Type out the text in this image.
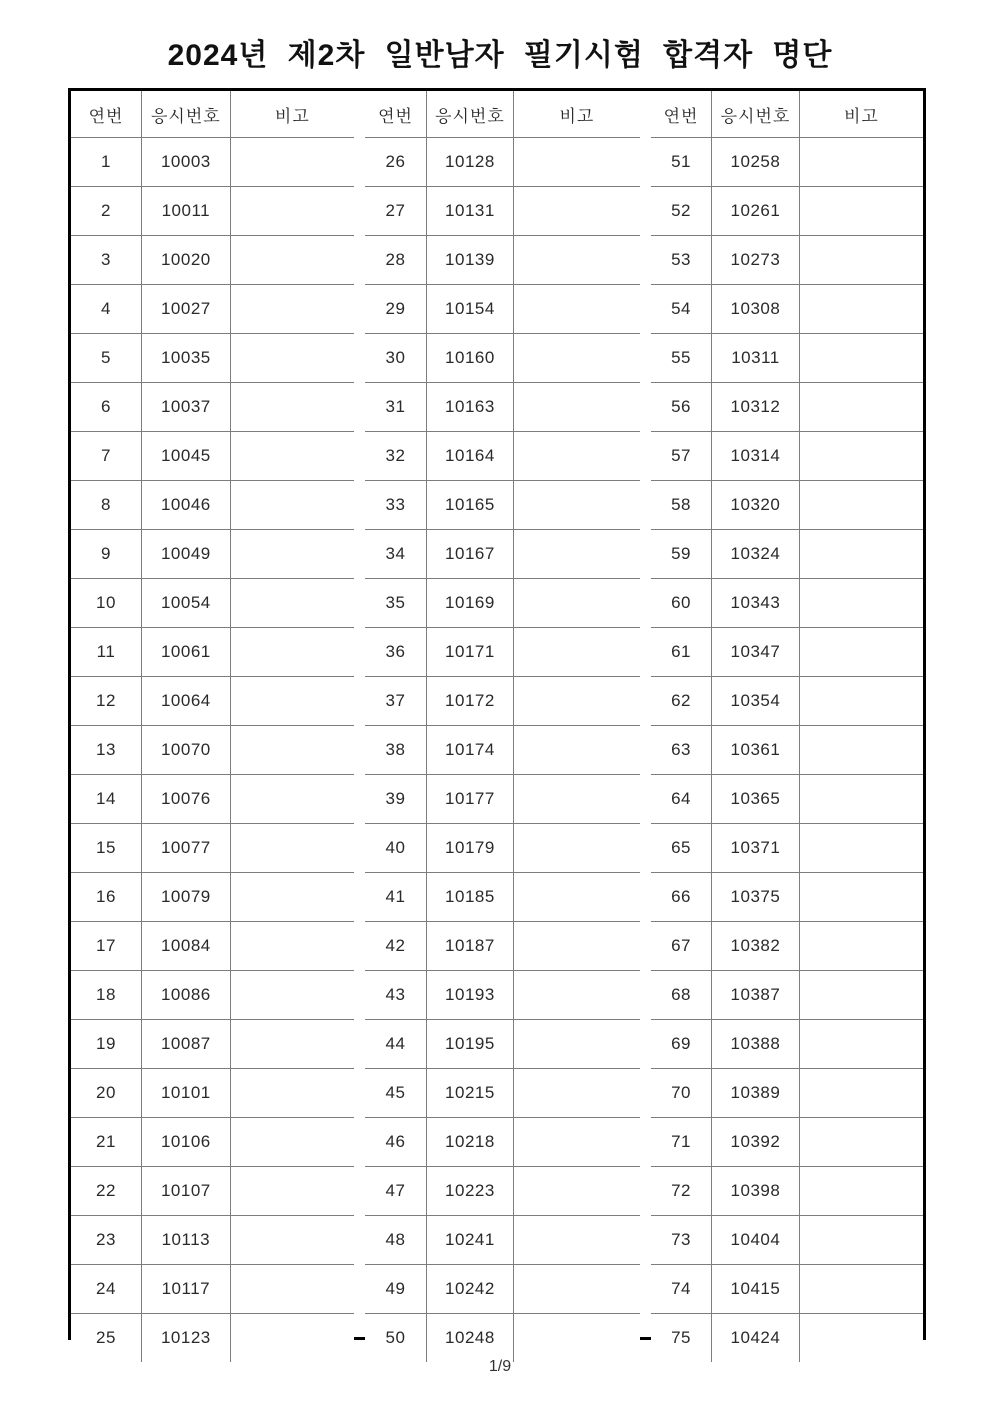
2024년 제2차 일반남자 필기시험 합격자 명단
연번	응시번호	비고
1	10003	
2	10011	
3	10020	
4	10027	
5	10035	
6	10037	
7	10045	
8	10046	
9	10049	
10	10054	
11	10061	
12	10064	
13	10070	
14	10076	
15	10077	
16	10079	
17	10084	
18	10086	
19	10087	
20	10101	
21	10106	
22	10107	
23	10113	
24	10117	
25	10123	
연번	응시번호	비고
26	10128	
27	10131	
28	10139	
29	10154	
30	10160	
31	10163	
32	10164	
33	10165	
34	10167	
35	10169	
36	10171	
37	10172	
38	10174	
39	10177	
40	10179	
41	10185	
42	10187	
43	10193	
44	10195	
45	10215	
46	10218	
47	10223	
48	10241	
49	10242	
50	10248	
연번	응시번호	비고
51	10258	
52	10261	
53	10273	
54	10308	
55	10311	
56	10312	
57	10314	
58	10320	
59	10324	
60	10343	
61	10347	
62	10354	
63	10361	
64	10365	
65	10371	
66	10375	
67	10382	
68	10387	
69	10388	
70	10389	
71	10392	
72	10398	
73	10404	
74	10415	
75	10424	
1/9
